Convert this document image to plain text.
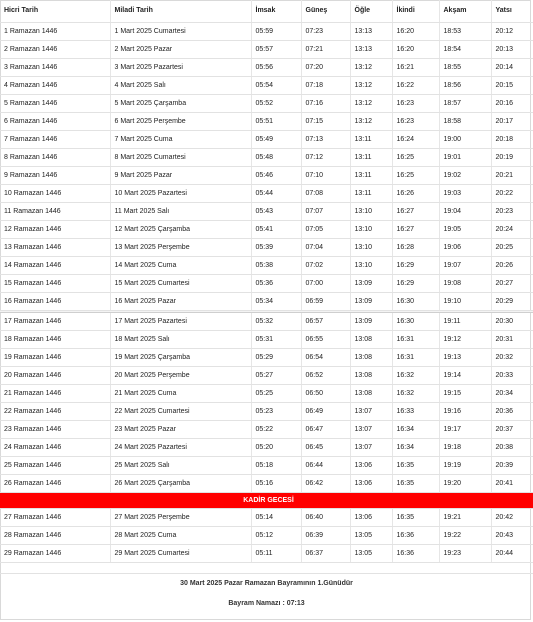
Hicri Tarih	Miladi Tarih	İmsak	Güneş	Öğle	İkindi	Akşam	Yatsı
1 Ramazan 1446	1 Mart 2025 Cumartesi	05:59	07:23	13:13	16:20	18:53	20:12
2 Ramazan 1446	2 Mart 2025 Pazar	05:57	07:21	13:13	16:20	18:54	20:13
3 Ramazan 1446	3 Mart 2025 Pazartesi	05:56	07:20	13:12	16:21	18:55	20:14
4 Ramazan 1446	4 Mart 2025 Salı	05:54	07:18	13:12	16:22	18:56	20:15
5 Ramazan 1446	5 Mart 2025 Çarşamba	05:52	07:16	13:12	16:23	18:57	20:16
6 Ramazan 1446	6 Mart 2025 Perşembe	05:51	07:15	13:12	16:23	18:58	20:17
7 Ramazan 1446	7 Mart 2025 Cuma	05:49	07:13	13:11	16:24	19:00	20:18
8 Ramazan 1446	8 Mart 2025 Cumartesi	05:48	07:12	13:11	16:25	19:01	20:19
9 Ramazan 1446	9 Mart 2025 Pazar	05:46	07:10	13:11	16:25	19:02	20:21
10 Ramazan 1446	10 Mart 2025 Pazartesi	05:44	07:08	13:11	16:26	19:03	20:22
11 Ramazan 1446	11 Mart 2025 Salı	05:43	07:07	13:10	16:27	19:04	20:23
12 Ramazan 1446	12 Mart 2025 Çarşamba	05:41	07:05	13:10	16:27	19:05	20:24
13 Ramazan 1446	13 Mart 2025 Perşembe	05:39	07:04	13:10	16:28	19:06	20:25
14 Ramazan 1446	14 Mart 2025 Cuma	05:38	07:02	13:10	16:29	19:07	20:26
15 Ramazan 1446	15 Mart 2025 Cumartesi	05:36	07:00	13:09	16:29	19:08	20:27
16 Ramazan 1446	16 Mart 2025 Pazar	05:34	06:59	13:09	16:30	19:10	20:29

17 Ramazan 1446	17 Mart 2025 Pazartesi	05:32	06:57	13:09	16:30	19:11	20:30
18 Ramazan 1446	18 Mart 2025 Salı	05:31	06:55	13:08	16:31	19:12	20:31
19 Ramazan 1446	19 Mart 2025 Çarşamba	05:29	06:54	13:08	16:31	19:13	20:32
20 Ramazan 1446	20 Mart 2025 Perşembe	05:27	06:52	13:08	16:32	19:14	20:33
21 Ramazan 1446	21 Mart 2025 Cuma	05:25	06:50	13:08	16:32	19:15	20:34
22 Ramazan 1446	22 Mart 2025 Cumartesi	05:23	06:49	13:07	16:33	19:16	20:36
23 Ramazan 1446	23 Mart 2025 Pazar	05:22	06:47	13:07	16:34	19:17	20:37
24 Ramazan 1446	24 Mart 2025 Pazartesi	05:20	06:45	13:07	16:34	19:18	20:38
25 Ramazan 1446	25 Mart 2025 Salı	05:18	06:44	13:06	16:35	19:19	20:39
26 Ramazan 1446	26 Mart 2025 Çarşamba	05:16	06:42	13:06	16:35	19:20	20:41
KADİR GECESİ							
27 Ramazan 1446	27 Mart 2025 Perşembe	05:14	06:40	13:06	16:35	19:21	20:42
28 Ramazan 1446	28 Mart 2025 Cuma	05:12	06:39	13:05	16:36	19:22	20:43
29 Ramazan 1446	29 Mart 2025 Cumartesi	05:11	06:37	13:05	16:36	19:23	20:44
30 Mart 2025 Pazar Ramazan Bayramının 1.Günüdür
Bayram Namazı : 07:13
